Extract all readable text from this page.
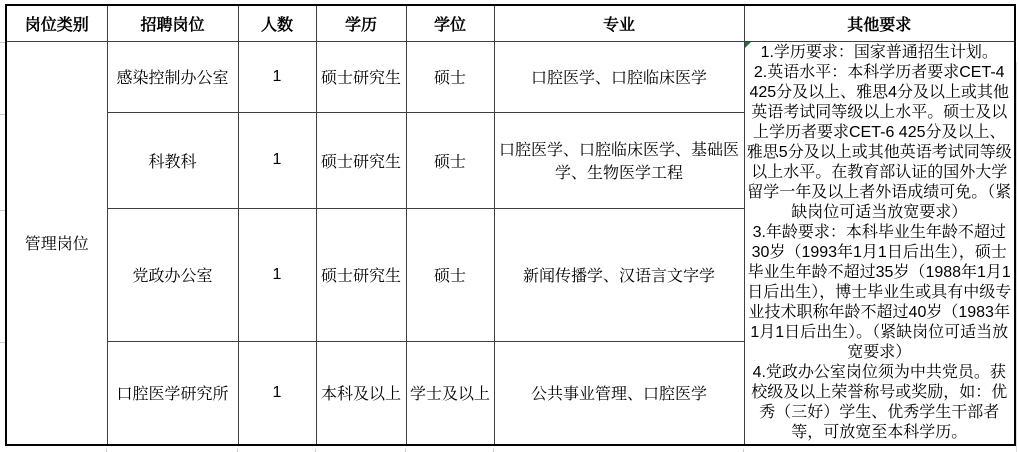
岗位类别	招聘岗位	人数	学历	学位	专业	其他要求
管理岗位	感染控制办公室	1	硕士研究生	硕士	口腔医学、口腔临床医学	1.学历要求：国家普通招生计划。

2.英语水平：本科学历者要求CET-4 425分及以上、雅思4分及以上或其他英语考试同等级以上水平。硕士及以上学历者要求CET-6 425分及以上、雅思5分及以上或其他英语考试同等级以上水平。在教育部认证的国外大学留学一年及以上者外语成绩可免。（紧缺岗位可适当放宽要求）

3.年龄要求：本科毕业生年龄不超过30岁（1993年1月1日后出生），硕士毕业生年龄不超过35岁（1988年1月1日后出生），博士毕业生或具有中级专业技术职称年龄不超过40岁（1983年1月1日后出生）。（紧缺岗位可适当放宽要求）

4.党政办公室岗位须为中共党员。获校级及以上荣誉称号或奖励，如：优秀（三好）学生、优秀学生干部者等，可放宽至本科学历。

	科教科	1	硕士研究生	硕士	口腔医学、口腔临床医学、基础医学、生物医学工程	
	党政办公室	1	硕士研究生	硕士	新闻传播学、汉语言文字学	
	口腔医学研究所	1	本科及以上	学士及以上	公共事业管理、口腔医学	
